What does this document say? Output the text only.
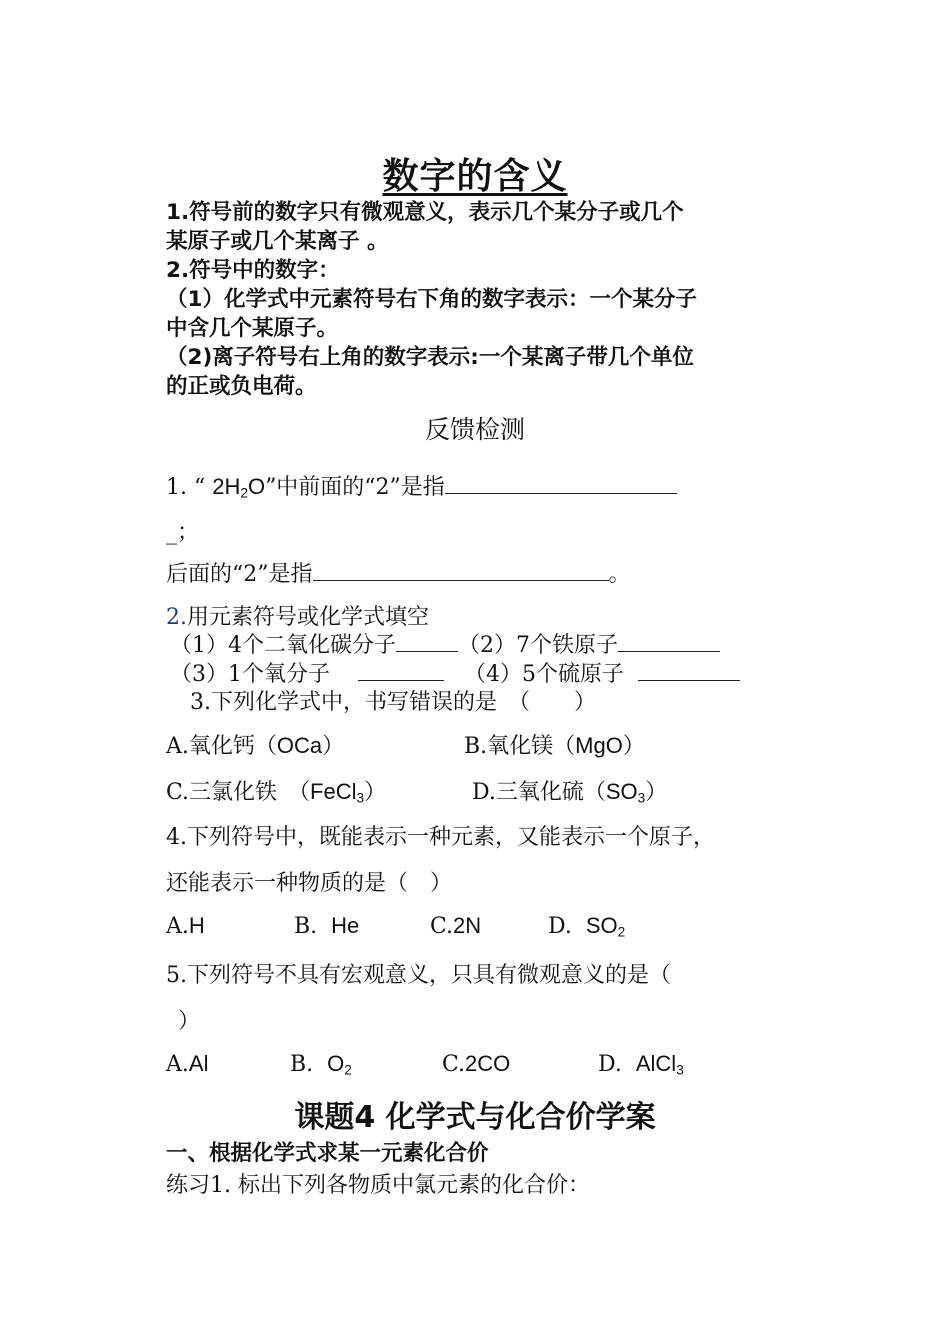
数字的含义
1.符号前的数字只有微观意义，表示几个某分子或几个
某原子或几个某离子 。
2.符号中的数字：
（1）化学式中元素符号右下角的数字表示：一个某分子
中含几个某原子。
（2)离子符号右上角的数字表示:一个某离子带几个单位
的正或负电荷。
反馈检测
1. “ $2H_2O$”中前面的“2”是指
_；
后面的“2”是指	。
2.用元素符号或化学式填空
（1）4个二氧化碳分子	（2）7个铁原子
（3）1个氧分子	（4）5个硫原子
3.下列化学式中，书写错误的是　（　　）
A.氧化钙（OCa）	B.氧化镁（MgO）
C.三氯化铁　（FeCl$_3$）	D.三氧化硫$(SO_3)$
4.下列符号中，既能表示一种元素，又能表示一个原子，
还能表示一种物质的是（　）
A.H	B. He	C.2N	D. $SO_2$
5.下列符号不具有宏观意义，只具有微观意义的是（
）
A.Al	B. $O_2$	C.2CO	D. AlCl$_3$
课题4 化学式与化合价学案
一、根据化学式求某一元素化合价
练习1. 标出下列各物质中氯元素的化合价：
